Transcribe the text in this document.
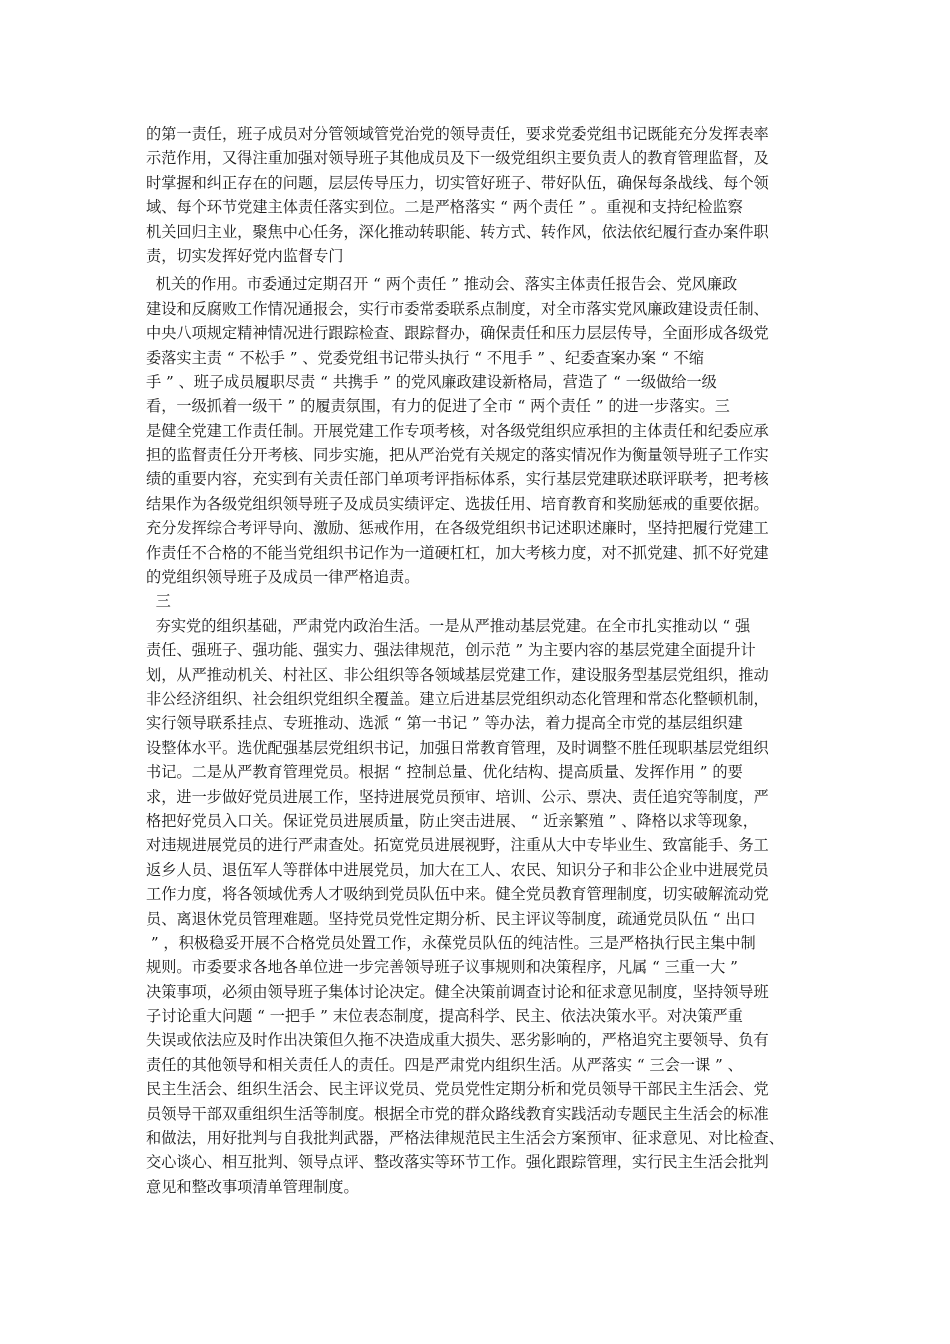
的第一责任，班子成员对分管领域管党治党的领导责任，要求党委党组书记既能充分发挥表率
示范作用，又得注重加强对领导班子其他成员及下一级党组织主要负责人的教育管理监督，及
时掌握和纠正存在的问题，层层传导压力，切实管好班子、带好队伍，确保每条战线、每个领
域、每个环节党建主体责任落实到位。二是严格落实 “ 两个责任 ” 。重视和支持纪检监察
机关回归主业，聚焦中心任务，深化推动转职能、转方式、转作风，依法依纪履行查办案件职
责，切实发挥好党内监督专门
机关的作用。市委通过定期召开 “ 两个责任 ” 推动会、落实主体责任报告会、党风廉政
建设和反腐败工作情况通报会，实行市委常委联系点制度，对全市落实党风廉政建设责任制、
中央八项规定精神情况进行跟踪检查、跟踪督办，确保责任和压力层层传导，全面形成各级党
委落实主责 “ 不松手 ” 、党委党组书记带头执行 “ 不甩手 ” 、纪委查案办案 “ 不缩
手 ” 、班子成员履职尽责 “ 共携手 ” 的党风廉政建设新格局，营造了 “ 一级做给一级
看，一级抓着一级干 ” 的履责氛围，有力的促进了全市 “ 两个责任 ” 的进一步落实。三
是健全党建工作责任制。开展党建工作专项考核，对各级党组织应承担的主体责任和纪委应承
担的监督责任分开考核、同步实施，把从严治党有关规定的落实情况作为衡量领导班子工作实
绩的重要内容，充实到有关责任部门单项考评指标体系，实行基层党建联述联评联考，把考核
结果作为各级党组织领导班子及成员实绩评定、选拔任用、培育教育和奖励惩戒的重要依据。
充分发挥综合考评导向、激励、惩戒作用，在各级党组织书记述职述廉时，坚持把履行党建工
作责任不合格的不能当党组织书记作为一道硬杠杠，加大考核力度，对不抓党建、抓不好党建
的党组织领导班子及成员一律严格追责。
三
夯实党的组织基础，严肃党内政治生活。一是从严推动基层党建。在全市扎实推动以 “ 强
责任、强班子、强功能、强实力、强法律规范，创示范 ” 为主要内容的基层党建全面提升计
划，从严推动机关、村社区、非公组织等各领域基层党建工作，建设服务型基层党组织，推动
非公经济组织、社会组织党组织全覆盖。建立后进基层党组织动态化管理和常态化整顿机制，
实行领导联系挂点、专班推动、选派 “ 第一书记 ” 等办法，着力提高全市党的基层组织建
设整体水平。选优配强基层党组织书记，加强日常教育管理，及时调整不胜任现职基层党组织
书记。二是从严教育管理党员。根据 “ 控制总量、优化结构、提高质量、发挥作用 ” 的要
求，进一步做好党员进展工作，坚持进展党员预审、培训、公示、票决、责任追究等制度，严
格把好党员入口关。保证党员进展质量，防止突击进展、 “ 近亲繁殖 ” 、降格以求等现象，
对违规进展党员的进行严肃查处。拓宽党员进展视野，注重从大中专毕业生、致富能手、务工
返乡人员、退伍军人等群体中进展党员，加大在工人、农民、知识分子和非公企业中进展党员
工作力度，将各领域优秀人才吸纳到党员队伍中来。健全党员教育管理制度，切实破解流动党
员、离退休党员管理难题。坚持党员党性定期分析、民主评议等制度，疏通党员队伍 “ 出口
” ，积极稳妥开展不合格党员处置工作，永葆党员队伍的纯洁性。三是严格执行民主集中制
规则。市委要求各地各单位进一步完善领导班子议事规则和决策程序，凡属 “ 三重一大 ”
决策事项，必须由领导班子集体讨论决定。健全决策前调查讨论和征求意见制度，坚持领导班
子讨论重大问题 “ 一把手 ” 末位表态制度，提高科学、民主、依法决策水平。对决策严重
失误或依法应及时作出决策但久拖不决造成重大损失、恶劣影响的，严格追究主要领导、负有
责任的其他领导和相关责任人的责任。四是严肃党内组织生活。从严落实 “ 三会一课 ” 、
民主生活会、组织生活会、民主评议党员、党员党性定期分析和党员领导干部民主生活会、党
员领导干部双重组织生活等制度。根据全市党的群众路线教育实践活动专题民主生活会的标准
和做法，用好批判与自我批判武器，严格法律规范民主生活会方案预审、征求意见、对比检查、
交心谈心、相互批判、领导点评、整改落实等环节工作。强化跟踪管理，实行民主生活会批判
意见和整改事项清单管理制度。
